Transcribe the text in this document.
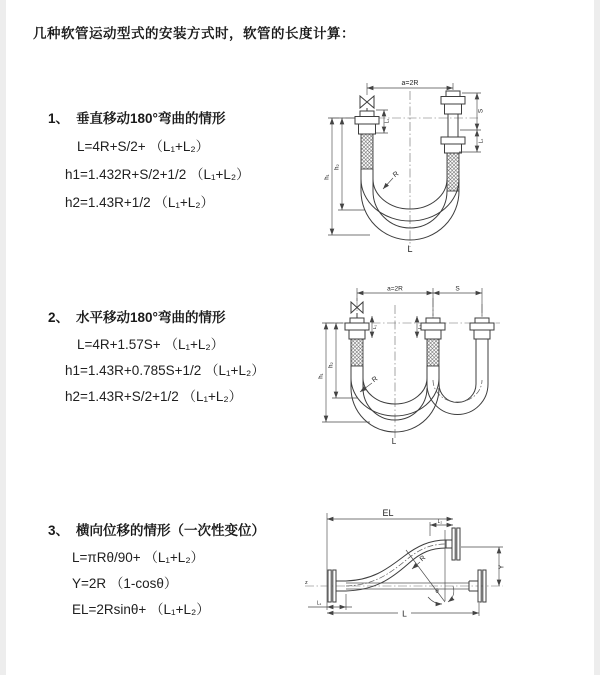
几种软管运动型式的安装方式时，软管的长度计算：
1、 垂直移动180°弯曲的情形
L=4R+S/2+ （L₁+L₂）
h1=1.432R+S/2+1/2 （L₁+L₂）
h2=1.43R+1/2 （L₁+L₂）
2、 水平移动180°弯曲的情形
L=4R+1.57S+ （L₁+L₂）
h1=1.43R+0.785S+1/2 （L₁+L₂）
h2=1.43R+S/2+1/2 （L₁+L₂）
3、 横向位移的情形（一次性变位）
L=πRθ/90+ （L₁+L₂）
Y=2R （1-cosθ）
EL=2Rsinθ+ （L₁+L₂）
a=2R
L₁
S
L₂
h₁
h₂
R
L
a=2R	S
L₁	L₂
h₁
h₂
R
L
EL
L₂
Y
z
θ
R
L
L₁
